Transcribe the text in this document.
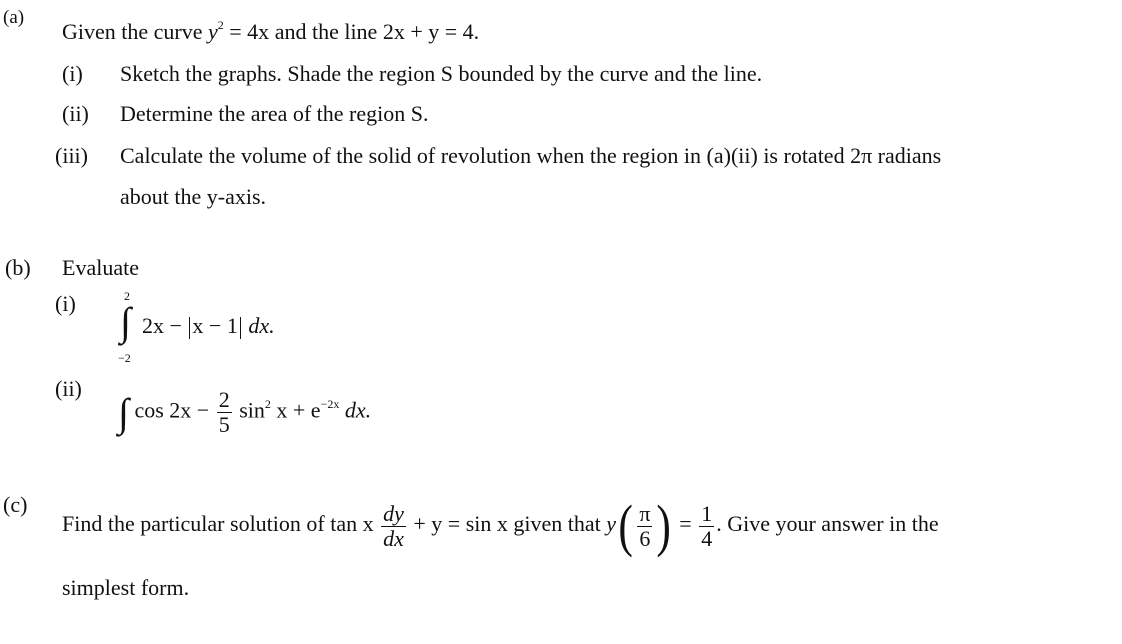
(a)
Given the curve $y^2 = 4x$ and the line 2x + y = 4.
(i) Sketch the graphs. Shade the region S bounded by the curve and the line.
(ii) Determine the area of the region S.
(iii) Calculate the volume of the solid of revolution when the region in (a)(ii) is rotated 2π radians
about the y-axis.
(b) Evaluate
(i)	2
∫
−2
2x − x − 1 dx.
(ii)
∫ $\cos 2x - \frac{2}{5} \sin^2 x + e^{-2x}$ dx.
(c)
Find the particular solution of tan x $\frac{dy}{dx} + y = \sin x$ given that $y( \frac{\pi}{6}$ ) = $\frac{1}{4}$ . Give your answer in the
simplest form.
